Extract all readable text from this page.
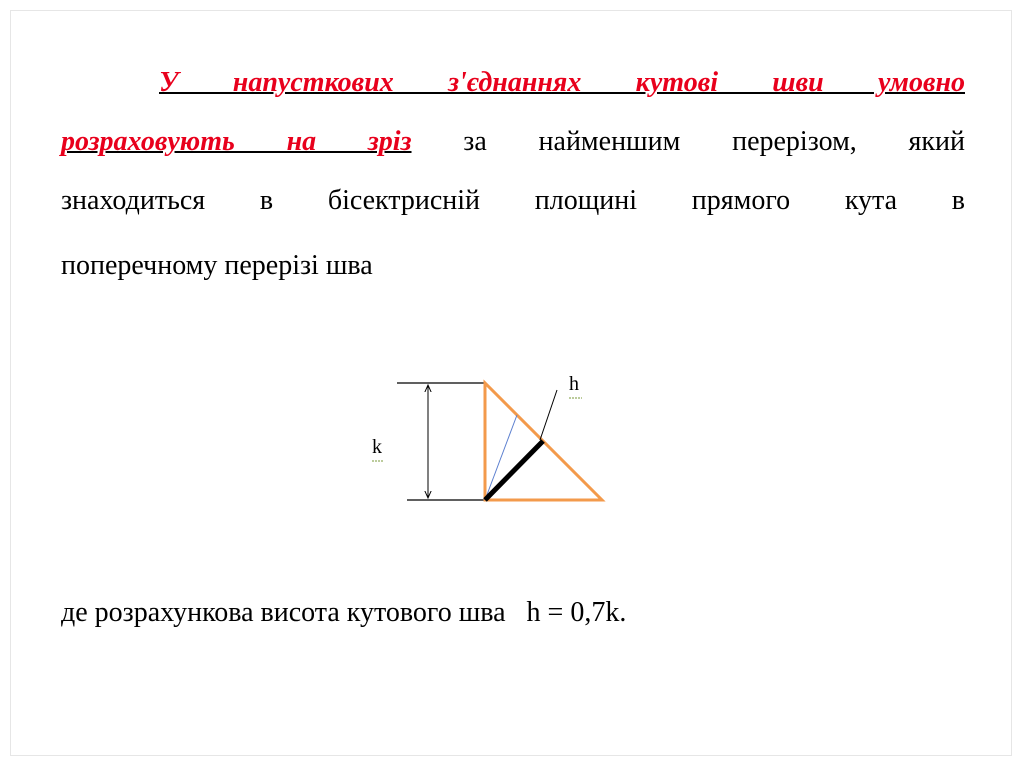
У напусткових з'єднаннях кутові шви умовно
розраховують на зріз за найменшим перерізом, який
знаходиться в бісектрисній площині прямого кута в
поперечному перерізі шва
k
h
де розрахункова висота кутового шва   h = 0,7k.
